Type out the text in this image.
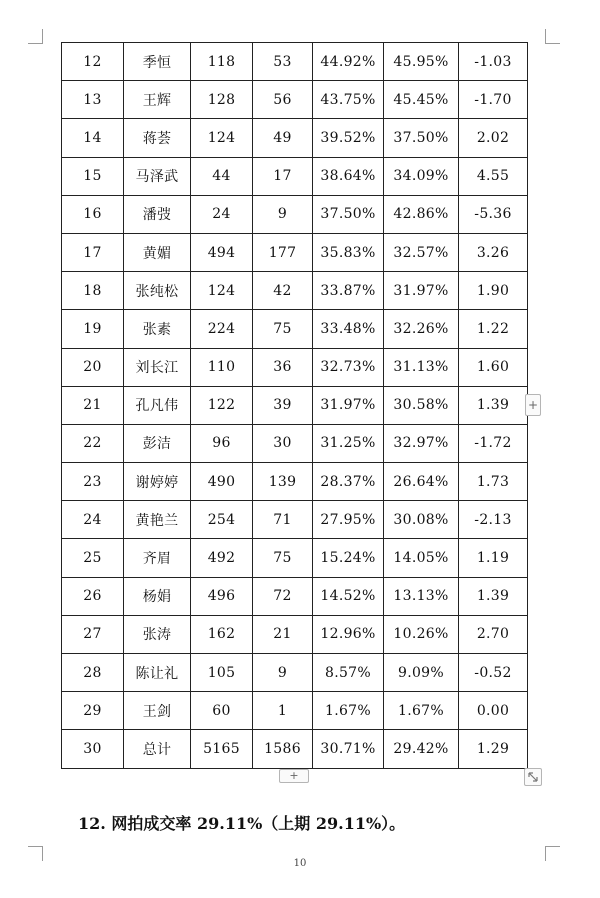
12	季恒	118	53	44.92%	45.95%	-1.03
13	王辉	128	56	43.75%	45.45%	-1.70
14	蒋荟	124	49	39.52%	37.50%	2.02
15	马泽武	44	17	38.64%	34.09%	4.55
16	潘弢	24	9	37.50%	42.86%	-5.36
17	黄媚	494	177	35.83%	32.57%	3.26
18	张纯松	124	42	33.87%	31.97%	1.90
19	张素	224	75	33.48%	32.26%	1.22
20	刘长江	110	36	32.73%	31.13%	1.60
21	孔凡伟	122	39	31.97%	30.58%	1.39
22	彭洁	96	30	31.25%	32.97%	-1.72
23	谢婷婷	490	139	28.37%	26.64%	1.73
24	黄艳兰	254	71	27.95%	30.08%	-2.13
25	齐眉	492	75	15.24%	14.05%	1.19
26	杨娟	496	72	14.52%	13.13%	1.39
27	张涛	162	21	12.96%	10.26%	2.70
28	陈让礼	105	9	8.57%	9.09%	-0.52
29	王剑	60	1	1.67%	1.67%	0.00
30	总计	5165	1586	30.71%	29.42%	1.29
+
+
12. 网拍成交率 29.11%（上期 29.11%）。
10
